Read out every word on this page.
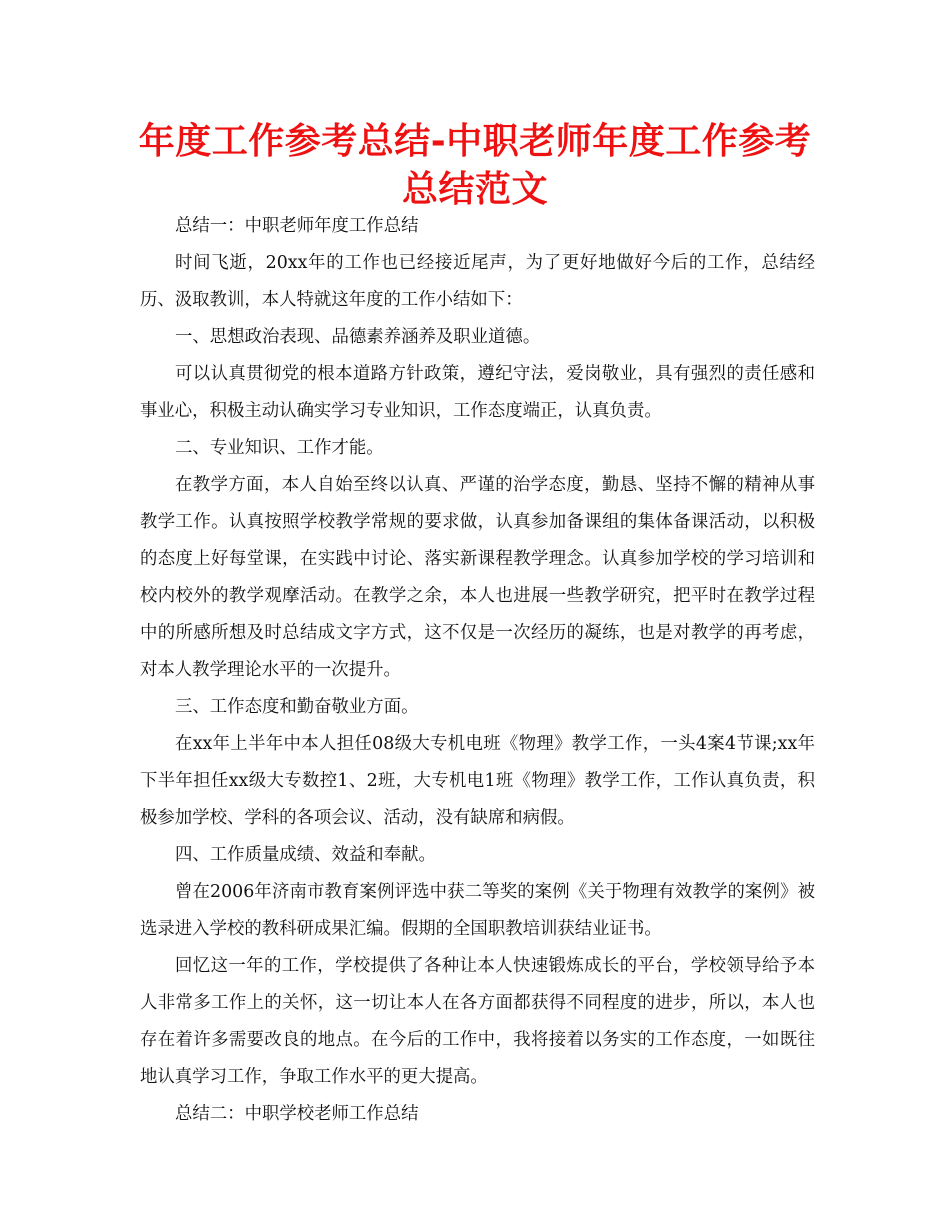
年度工作参考总结-中职老师年度工作参考总结范文

总结一：中职老师年度工作总结

时间飞逝，20xx年的工作也已经接近尾声，为了更好地做好今后的工作，总结经历、汲取教训，本人特就这年度的工作小结如下：

一、思想政治表现、品德素养涵养及职业道德。

可以认真贯彻党的根本道路方针政策，遵纪守法，爱岗敬业，具有强烈的责任感和事业心，积极主动认确实学习专业知识，工作态度端正，认真负责。

二、专业知识、工作才能。

在教学方面，本人自始至终以认真、严谨的治学态度，勤恳、坚持不懈的精神从事教学工作。认真按照学校教学常规的要求做，认真参加备课组的集体备课活动，以积极的态度上好每堂课，在实践中讨论、落实新课程教学理念。认真参加学校的学习培训和校内校外的教学观摩活动。在教学之余，本人也进展一些教学研究，把平时在教学过程中的所感所想及时总结成文字方式，这不仅是一次经历的凝练，也是对教学的再考虑，对本人教学理论水平的一次提升。

三、工作态度和勤奋敬业方面。

在xx年上半年中本人担任08级大专机电班《物理》教学工作，一头4案4节课;xx年下半年担任xx级大专数控1、2班，大专机电1班《物理》教学工作，工作认真负责，积极参加学校、学科的各项会议、活动，没有缺席和病假。

四、工作质量成绩、效益和奉献。

曾在2006年济南市教育案例评选中获二等奖的案例《关于物理有效教学的案例》被选录进入学校的教科研成果汇编。假期的全国职教培训获结业证书。

回忆这一年的工作，学校提供了各种让本人快速锻炼成长的平台，学校领导给予本人非常多工作上的关怀，这一切让本人在各方面都获得不同程度的进步，所以，本人也存在着许多需要改良的地点。在今后的工作中，我将接着以务实的工作态度，一如既往地认真学习工作，争取工作水平的更大提高。

总结二：中职学校老师工作总结
